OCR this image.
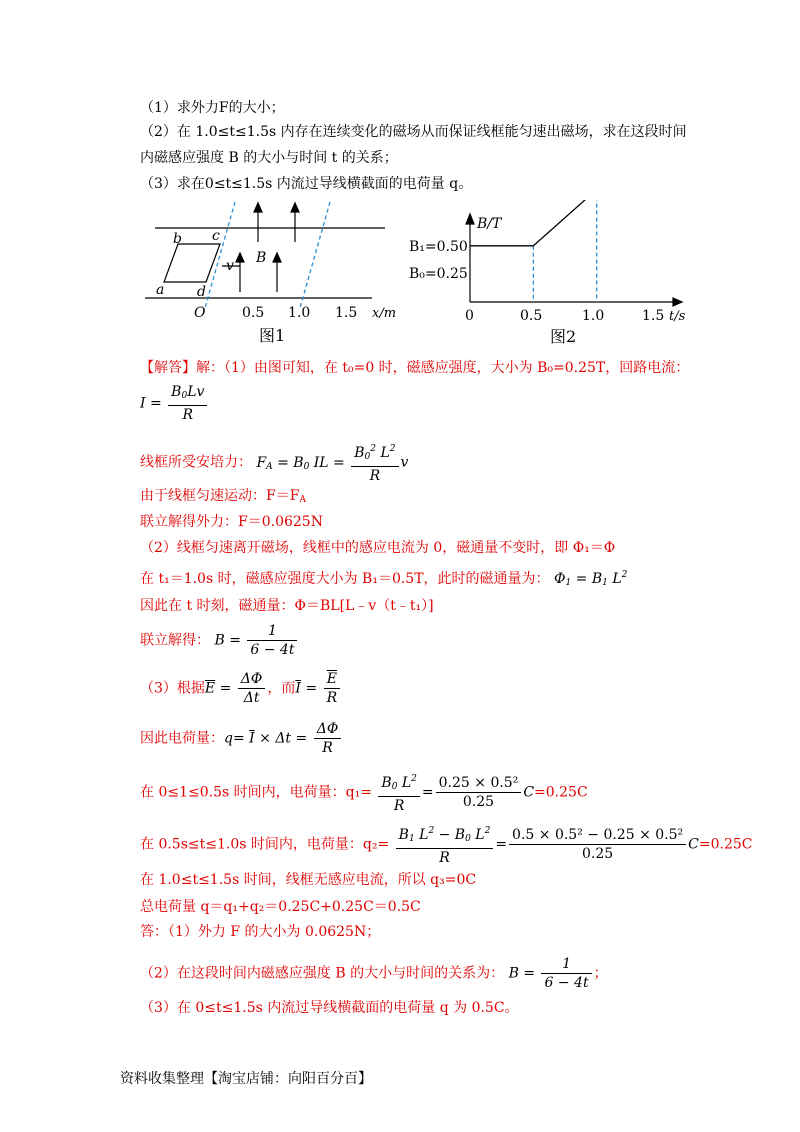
（1）求外力F的大小；
（2）在 1.0≤t≤1.5s 内存在连续变化的磁场从而保证线框能匀速出磁场，求在这段时间
内磁感应强度 B 的大小与时间 t 的关系；
（3）求在0≤t≤1.5s 内流过导线横截面的电荷量 q。
b c
a d
v B
O	x/m
0.5 1.0 1.5
图1
B/T
B₁=0.50
B₀=0.25
0	0.5	1.0	1.5 t/s
图2
【解答】解：（1）由图可知，在 t₀=0 时，磁感应强度，大小为 B₀=0.25T，回路电流：
$I = \frac{B_0Lv}{R}$
线框所受安培力： $F_A = B_0$ IL = $\frac{B_0^2 L^2}{R}$ v
由于线框匀速运动：$F=F_A$
联立解得外力：F＝0.0625N
（2）线框匀速离开磁场，线框中的感应电流为 0，磁通量不变时，即 Φ₁＝Φ
在 t₁＝1.0s 时，磁感应强度大小为 B₁＝0.5T，此时的磁通量为： $\Phi_1 = B_1$ $L^2$
因此在 t 时刻，磁通量：Φ＝BL[L﹣v（t﹣t₁）]
联立解得： $B = \frac{1}{6 - 4t}$
（3）根据$\overline{E} = \frac{\Delta\Phi}{\Delta t}$ ，而$\overline{I} = \frac{\overline{E}}{R}$
因此电荷量：$q= \overline{I} \times \Delta t = \frac{\Delta\Phi}{R}$
在 0≤1≤0.5s 时间内，电荷量：$q_1= \frac{B_0 L^2}{R} = \frac{\text{0.25 × 0.5²}}{0.25} C=0.25C$
在 0.5s≤t≤1.0s 时间内，电荷量：$q_2= \frac{B_1 L^2 - B_0 L^2}{R} = \frac{\text{0.5 × 0.5² − 0.25 × 0.5²}}{0.25} C=0.25C$
在 1.0≤t≤1.5s 时间，线框无感应电流，所以 q₃=0C
总电荷量 q＝q₁+q₂＝0.25C+0.25C＝0.5C
答：（1）外力 F 的大小为 0.0625N；
（2）在这段时间内磁感应强度 B 的大小与时间的关系为： $B = \frac{1}{6 - 4t}$ ；
（3）在 0≤t≤1.5s 内流过导线横截面的电荷量 q 为 0.5C。
资料收集整理【淘宝店铺：向阳百分百】
